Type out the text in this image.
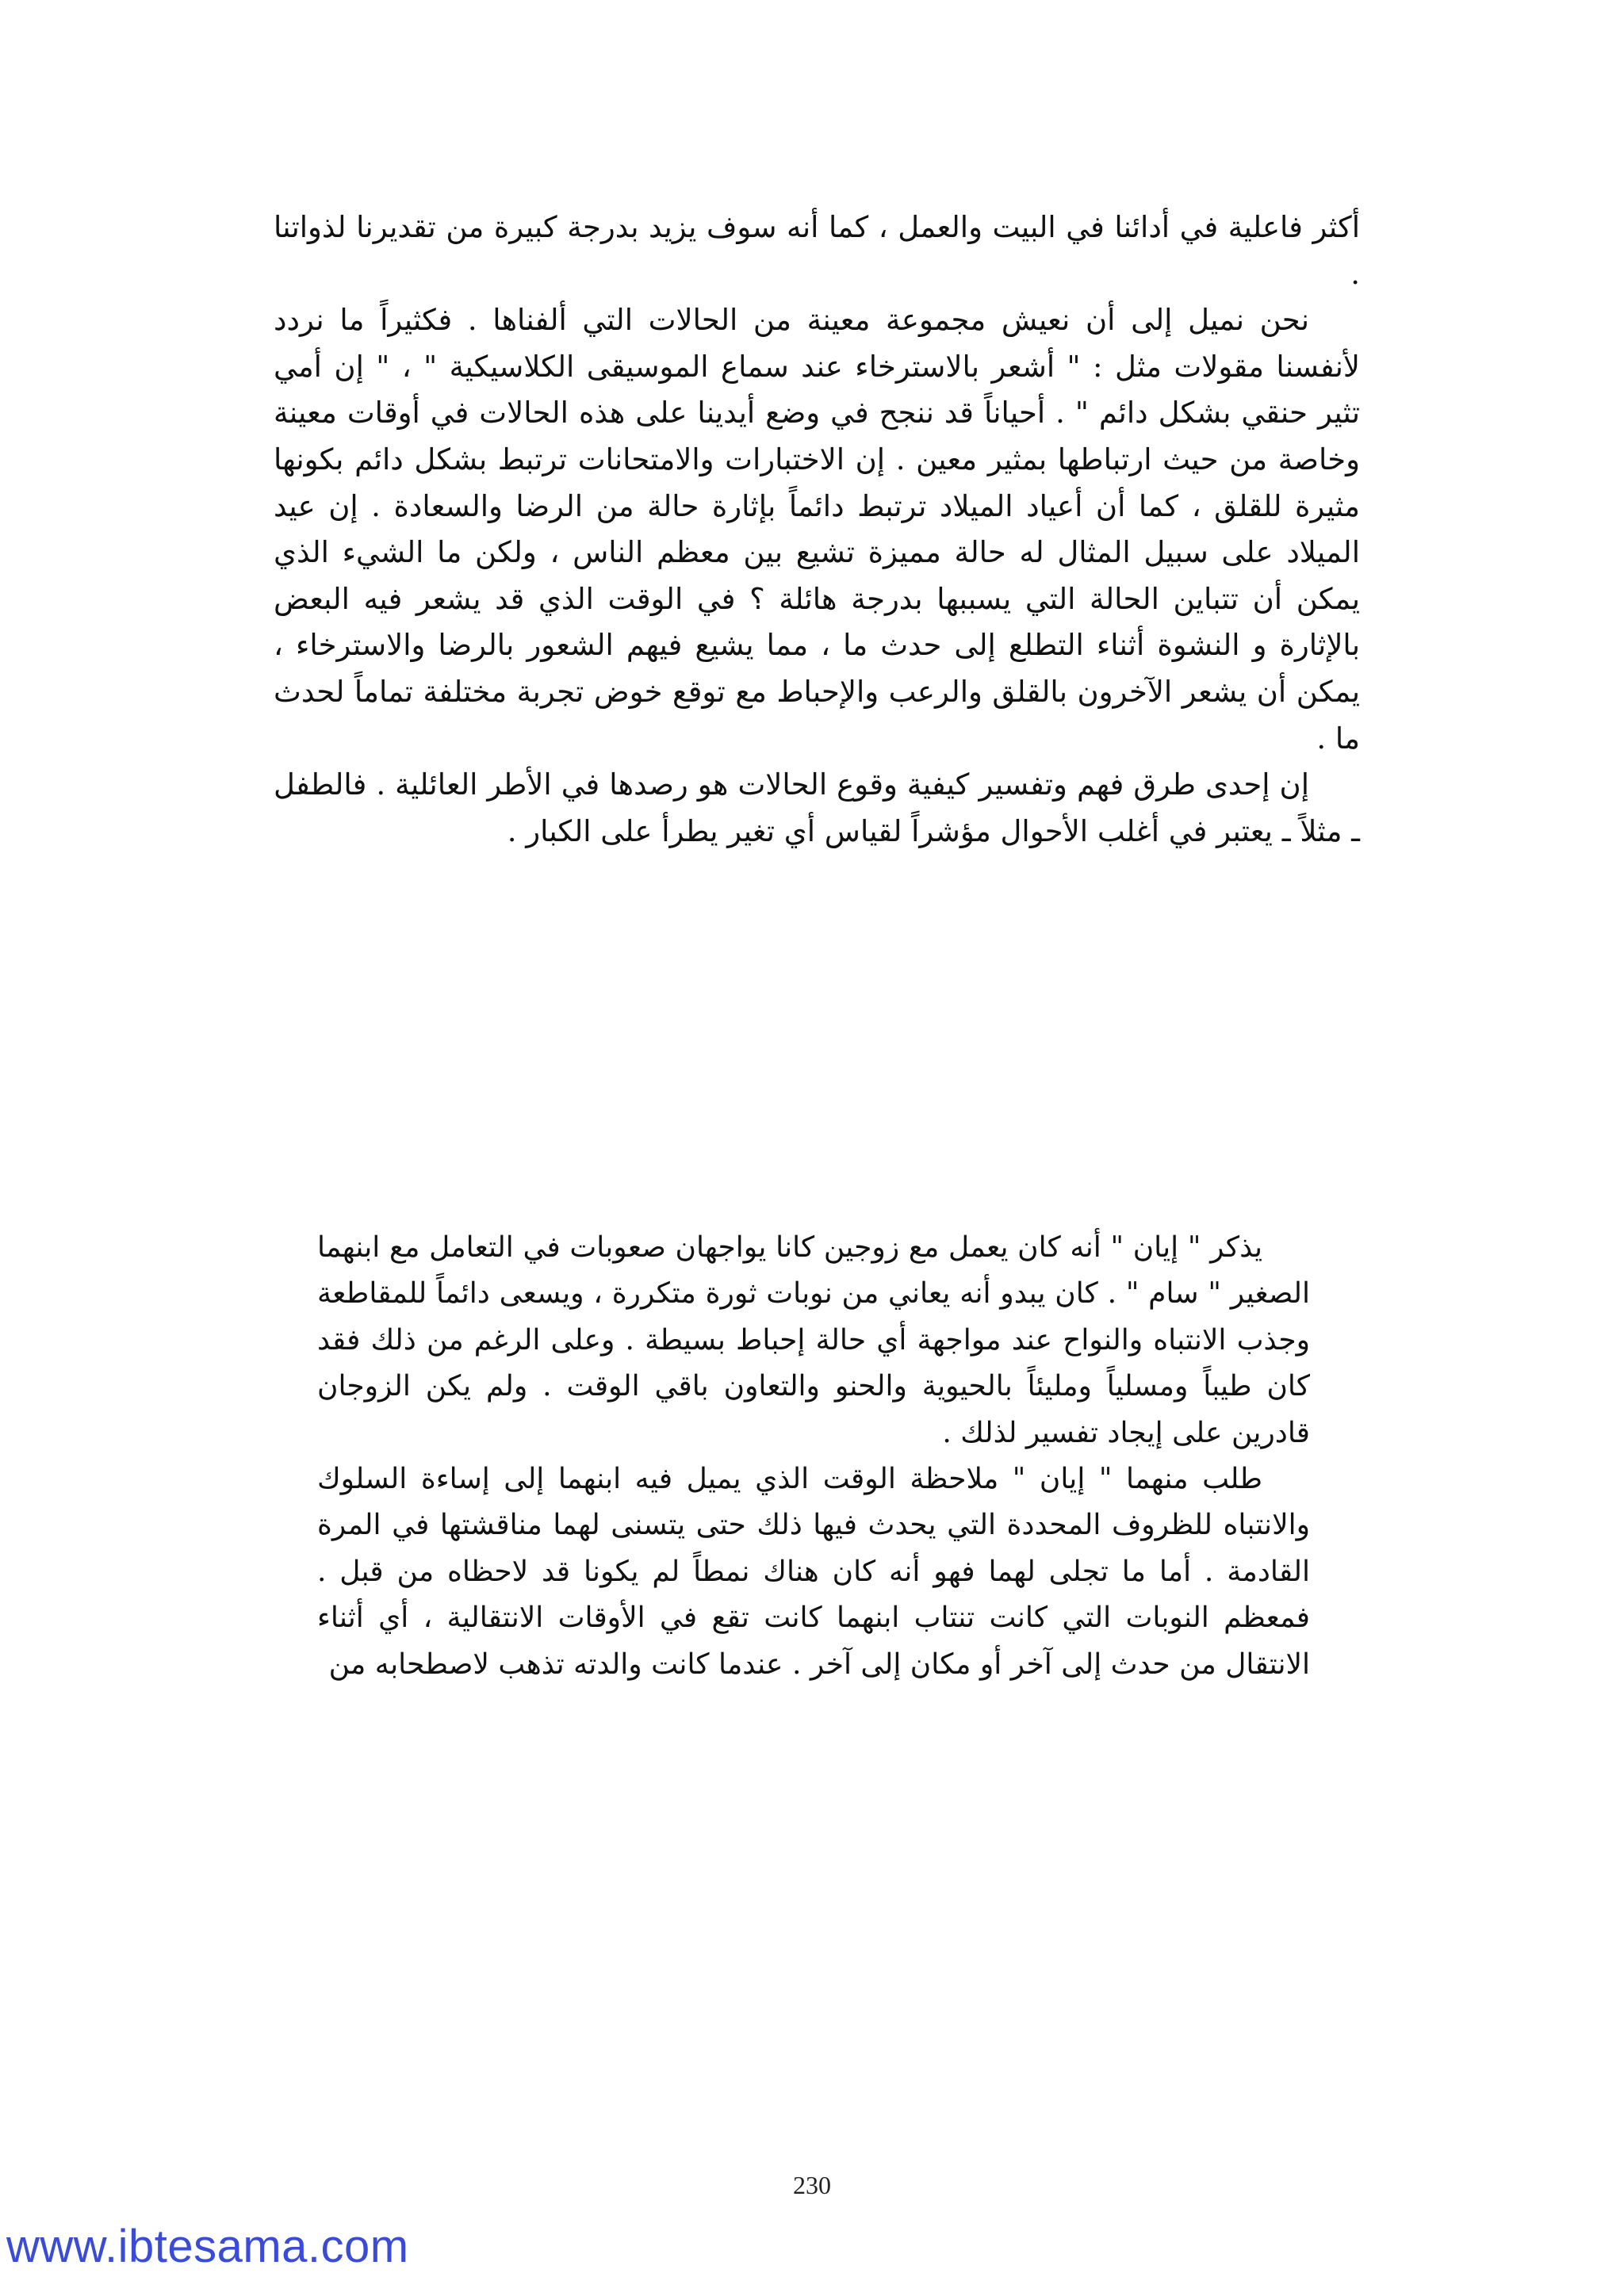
أكثر فاعلية في أدائنا في البيت والعمل ، كما أنه سوف يزيد بدرجة كبيرة من تقديرنا لذواتنا .

نحن نميل إلى أن نعيش مجموعة معينة من الحالات التي ألفناها . فكثيراً ما نردد لأنفسنا مقولات مثل : " أشعر بالاسترخاء عند سماع الموسيقى الكلاسيكية " ، " إن أمي تثير حنقي بشكل دائم " . أحياناً قد ننجح في وضع أيدينا على هذه الحالات في أوقات معينة وخاصة من حيث ارتباطها بمثير معين . إن الاختبارات والامتحانات ترتبط بشكل دائم بكونها مثيرة للقلق ، كما أن أعياد الميلاد ترتبط دائماً بإثارة حالة من الرضا والسعادة . إن عيد الميلاد على سبيل المثال له حالة مميزة تشيع بين معظم الناس ، ولكن ما الشيء الذي يمكن أن تتباين الحالة التي يسببها بدرجة هائلة ؟ في الوقت الذي قد يشعر فيه البعض بالإثارة و النشوة أثناء التطلع إلى حدث ما ، مما يشيع فيهم الشعور بالرضا والاسترخاء ، يمكن أن يشعر الآخرون بالقلق والرعب والإحباط مع توقع خوض تجربة مختلفة تماماً لحدث ما .

إن إحدى طرق فهم وتفسير كيفية وقوع الحالات هو رصدها في الأطر العائلية . فالطفل ـ مثلاً ـ يعتبر في أغلب الأحوال مؤشراً لقياس أي تغير يطرأ على الكبار .

يذكر " إيان " أنه كان يعمل مع زوجين كانا يواجهان صعوبات في التعامل مع ابنهما الصغير " سام " . كان يبدو أنه يعاني من نوبات ثورة متكررة ، ويسعى دائماً للمقاطعة وجذب الانتباه والنواح عند مواجهة أي حالة إحباط بسيطة . وعلى الرغم من ذلك فقد كان طيباً ومسلياً ومليئاً بالحيوية والحنو والتعاون باقي الوقت . ولم يكن الزوجان قادرين على إيجاد تفسير لذلك .

طلب منهما " إيان " ملاحظة الوقت الذي يميل فيه ابنهما إلى إساءة السلوك والانتباه للظروف المحددة التي يحدث فيها ذلك حتى يتسنى لهما مناقشتها في المرة القادمة . أما ما تجلى لهما فهو أنه كان هناك نمطاً لم يكونا قد لاحظاه من قبل . فمعظم النوبات التي كانت تنتاب ابنهما كانت تقع في الأوقات الانتقالية ، أي أثناء الانتقال من حدث إلى آخر أو مكان إلى آخر . عندما كانت والدته تذهب لاصطحابه من

230
www.ibtesama.com
